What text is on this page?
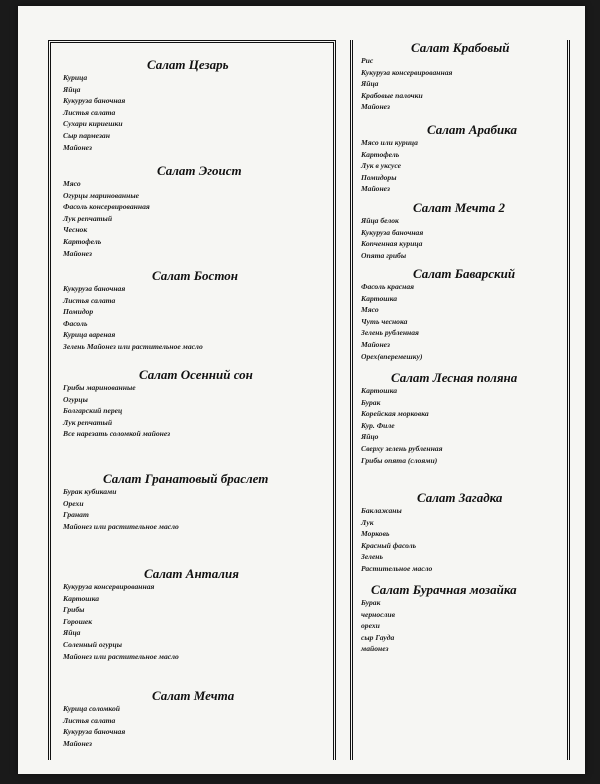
Салат Цезарь
Курица
Яйца
Кукуруза баночная
Листья салата
Сухари кириешки
Сыр пармезан
Майонез
Салат Эгоист
Мясо
Огурцы маринованные
Фасоль консервированная
Лук репчатый
Чеснок
Картофель
Майонез
Салат Бостон
Кукуруза баночная
Листья салата
Помидор
Фасоль
Курица вареная
Зелень Майонез или растительное масло
Салат Осенний сон
Грибы маринованные
Огурцы
Болгарский перец
Лук репчатый
Все нарезать соломкой майонез
Салат Гранатовый браслет
Бурак кубиками
Орехи
Гранат
Майонез или растительное масло
Салат Анталия
Кукуруза консервированная
Картошка
Грибы
Горошек
Яйца
Соленный огурцы
Майонез или растительное масло
Салат Мечта
Курица соломкой
Листья салата
Кукуруза баночная
Майонез
Салат Крабовый
Рис
Кукуруза консервированная
Яйца
Крабовые палочки
Майонез
Салат Арабика
Мясо или курица
Картофель
Лук в уксусе
Помидоры
Майонез
Салат Мечта 2
Яйца белок
Кукуруза баночная
Копченная курица
Опята грибы
Салат Баварский
Фасоль красная
Картошка
Мясо
Чуть чеснока
Зелень рубленная
Майонез
Орех(вперемешку)
Салат Лесная поляна
Картошка
Бурак
Корейская морковка
Кур. Филе
Яйцо
Сверху зелень рубленная
Грибы опята (слоями)
Салат Загадка
Баклажаны
Лук
Морковь
Красный фасоль
Зелень
Растительное масло
Салат Бурачная мозайка
Бурак
чернослив
орехи
сыр Гауда
майонез
